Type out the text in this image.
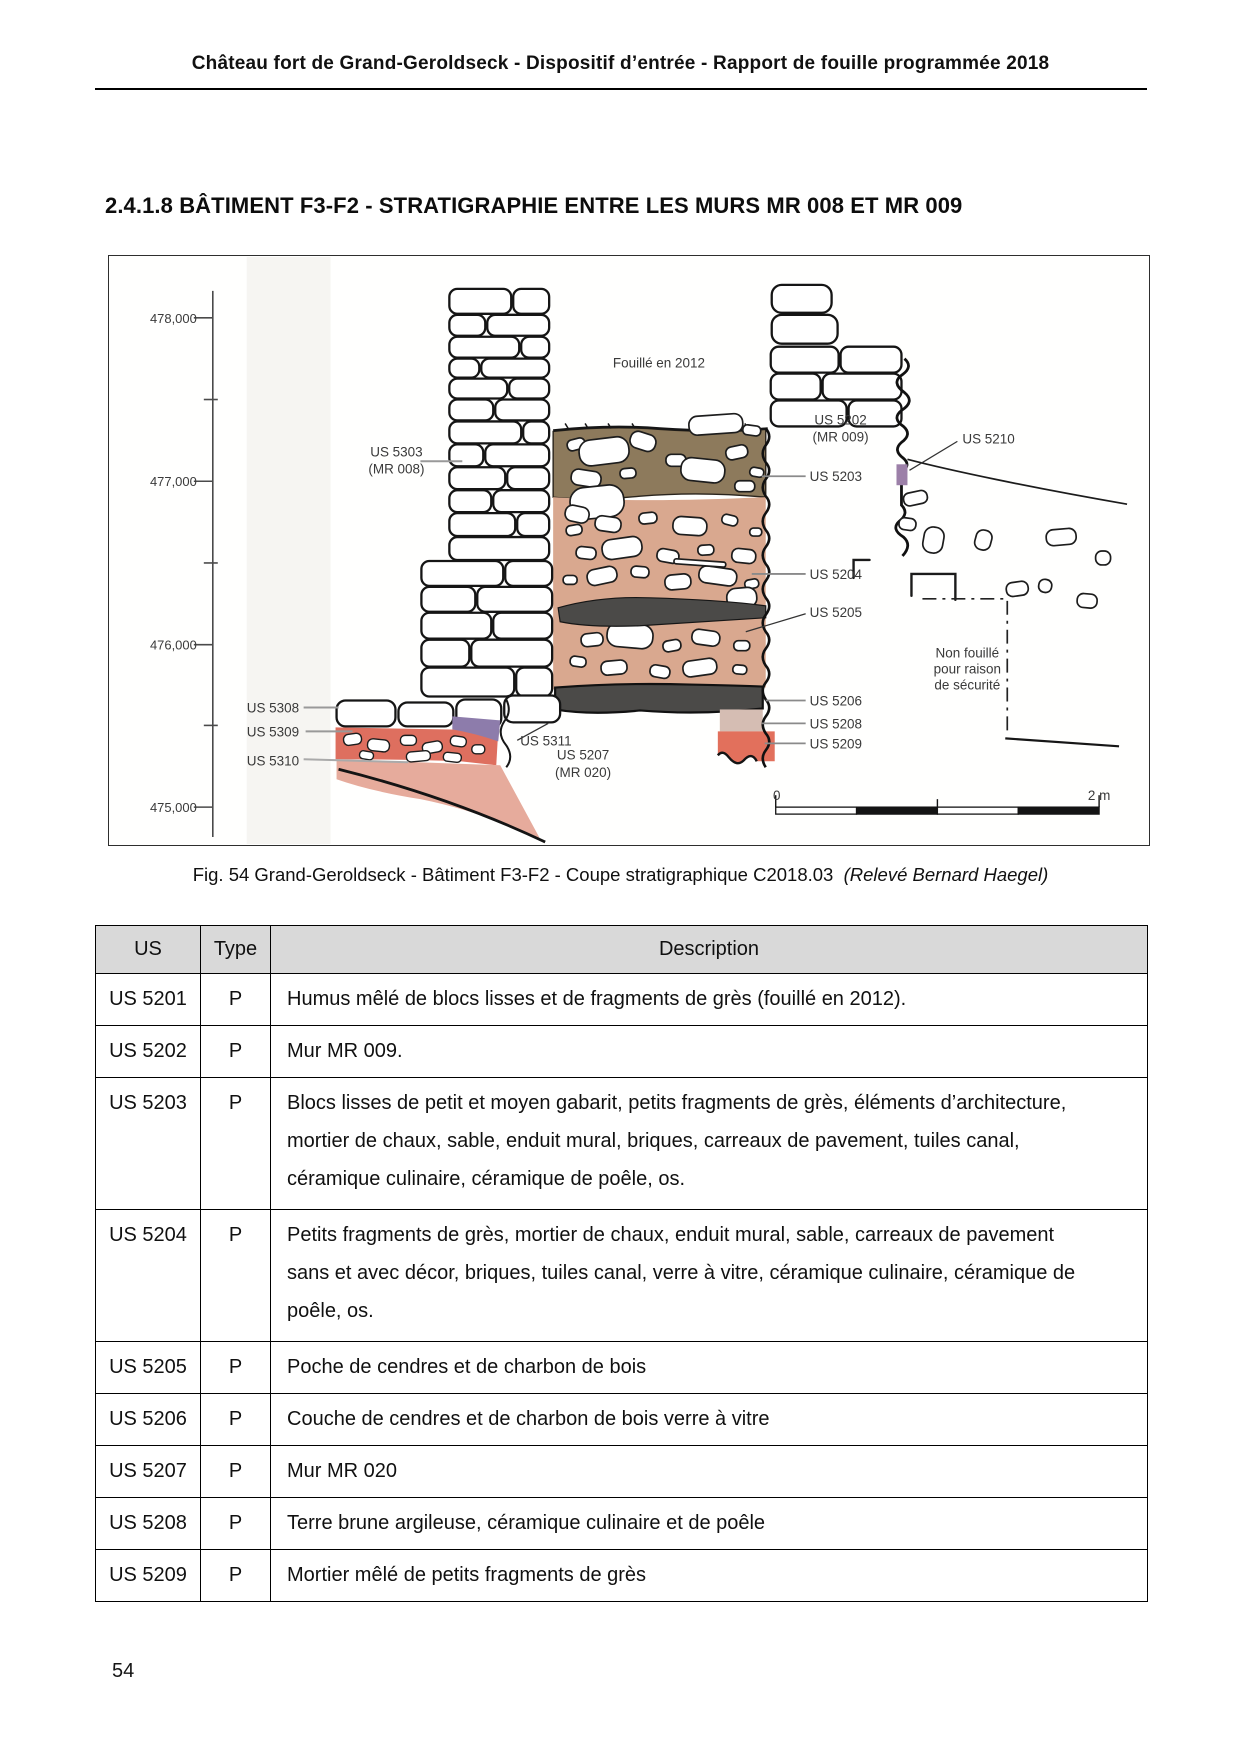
Château fort de Grand-Geroldseck - Dispositif d’entrée - Rapport de fouille programmée 2018
2.4.1.8 BÂTIMENT F3-F2 - STRATIGRAPHIE ENTRE LES MURS MR 008 ET MR 009
478,000
477,000
476,000
475,000
Fouillé en 2012
US 5303
(MR 008)
US 5202
(MR 009)	US 5210
US 5203
US 5204
US 5205
US 5206
US 5208
US 5209
US 5308
US 5309
US 5310
US 5311
US 5207
(MR 020)
Non fouillé
pour raison
de sécurité
0	2 m
Fig. 54 Grand-Geroldseck - Bâtiment F3-F2 - Coupe stratigraphique C2018.03 (Relevé Bernard Haegel)
US	Type	Description
US 5201	P	Humus mêlé de blocs lisses et de fragments de grès (fouillé en 2012).
US 5202	P	Mur MR 009.
US 5203	P	Blocs lisses de petit et moyen gabarit, petits fragments de grès, éléments d’architecture, mortier de chaux, sable, enduit mural, briques, carreaux de pavement, tuiles canal, céramique culinaire, céramique de poêle, os.
US 5204	P	Petits fragments de grès, mortier de chaux, enduit mural, sable, carreaux de pavement sans et avec décor, briques, tuiles canal, verre à vitre, céramique culinaire, céramique de poêle, os.
US 5205	P	Poche de cendres et de charbon de bois
US 5206	P	Couche de cendres et de charbon de bois verre à vitre
US 5207	P	Mur MR 020
US 5208	P	Terre brune argileuse, céramique culinaire et de poêle
US 5209	P	Mortier mêlé de petits fragments de grès
54
